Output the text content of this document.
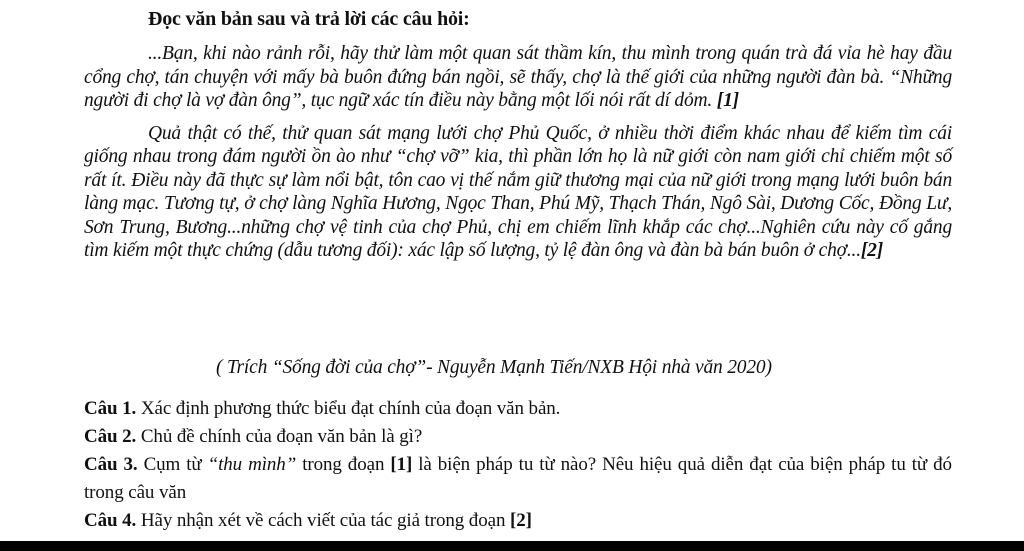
Đọc văn bản sau và trả lời các câu hỏi:

...Bạn, khi nào rảnh rỗi, hãy thử làm một quan sát thầm kín, thu mình trong quán trà đá vỉa hè hay đầu cổng chợ, tán chuyện với mấy bà buôn đứng bán ngồi, sẽ thấy, chợ là thế giới của những người đàn bà. “Những người đi chợ là vợ đàn ông”, tục ngữ xác tín điều này bằng một lối nói rất dí dỏm. [1]

Quả thật có thế, thử quan sát mạng lưới chợ Phủ Quốc, ở nhiều thời điểm khác nhau để kiếm tìm cái giống nhau trong đám người ồn ào như “chợ vỡ” kia, thì phần lớn họ là nữ giới còn nam giới chỉ chiếm một số rất ít. Điều này đã thực sự làm nổi bật, tôn cao vị thế nắm giữ thương mại của nữ giới trong mạng lưới buôn bán làng mạc. Tương tự, ở chợ làng Nghĩa Hương, Ngọc Than, Phú Mỹ, Thạch Thán, Ngô Sài, Dương Cốc, Đồng Lư, Sơn Trung, Bương...những chợ vệ tinh của chợ Phủ, chị em chiếm lĩnh khắp các chợ...Nghiên cứu này cố gắng tìm kiếm một thực chứng (dẫu tương đối): xác lập số lượng, tỷ lệ đàn ông và đàn bà bán buôn ở chợ...[2]

( Trích “Sống đời của chợ”- Nguyễn Mạnh Tiến/NXB Hội nhà văn 2020)

Câu 1. Xác định phương thức biểu đạt chính của đoạn văn bản.

Câu 2. Chủ đề chính của đoạn văn bản là gì?

Câu 3. Cụm từ “thu mình” trong đoạn [1] là biện pháp tu từ nào? Nêu hiệu quả diễn đạt của biện pháp tu từ đó trong câu văn

Câu 4. Hãy nhận xét về cách viết của tác giả trong đoạn [2]
